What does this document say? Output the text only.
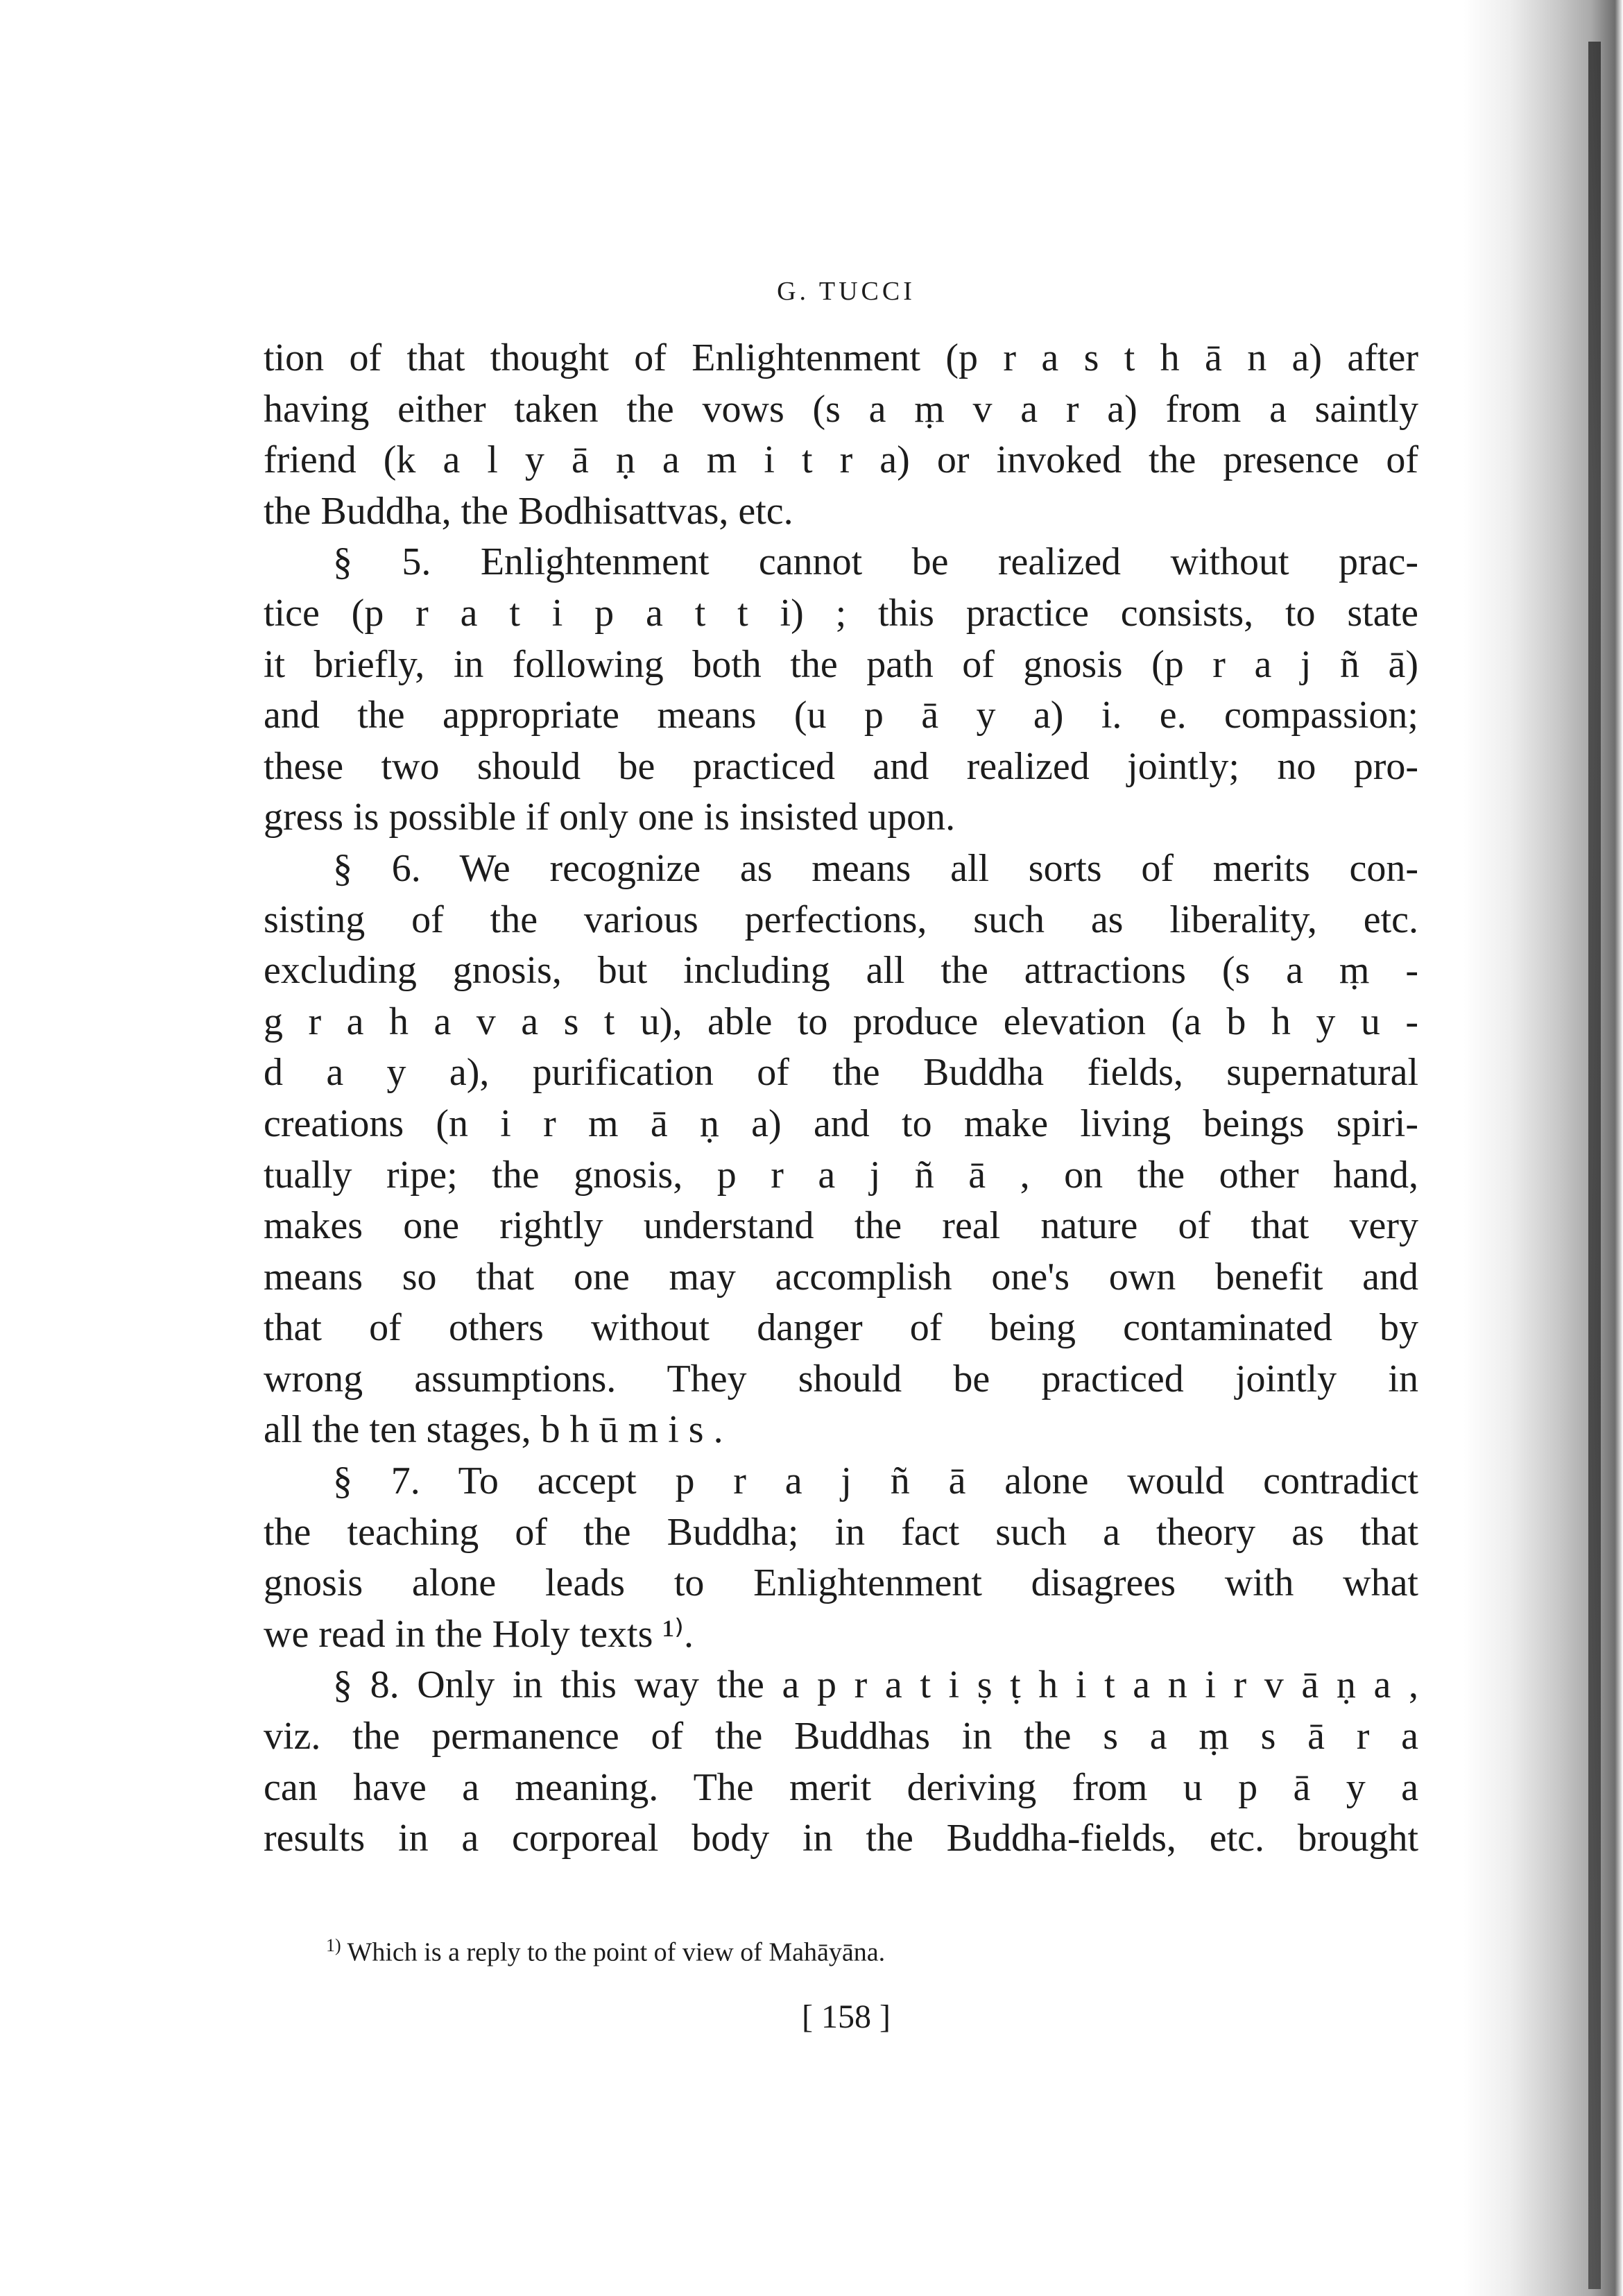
G. TUCCI
tion of that thought of Enlightenment (p r a s t h ā n a) after
having either taken the vows (s a ṃ v a r a) from a saintly
friend (k a l y ā ṇ a m i t r a) or invoked the presence of
the Buddha, the Bodhisattvas, etc.
§ 5. Enlightenment cannot be realized without prac-
tice (p r a t i p a t t i) ; this practice consists, to state
it briefly, in following both the path of gnosis (p r a j ñ ā)
and the appropriate means (u p ā y a) i. e. compassion;
these two should be practiced and realized jointly; no pro-
gress is possible if only one is insisted upon.
§ 6. We recognize as means all sorts of merits con-
sisting of the various perfections, such as liberality, etc.
excluding gnosis, but including all the attractions (s a ṃ -
g r a h a v a s t u), able to produce elevation (a b h y u -
d a y a), purification of the Buddha fields, supernatural
creations (n i r m ā ṇ a) and to make living beings spiri-
tually ripe; the gnosis, p r a j ñ ā , on the other hand,
makes one rightly understand the real nature of that very
means so that one may accomplish one's own benefit and
that of others without danger of being contaminated by
wrong assumptions. They should be practiced jointly in
all the ten stages, b h ū m i s .
§ 7. To accept p r a j ñ ā alone would contradict
the teaching of the Buddha; in fact such a theory as that
gnosis alone leads to Enlightenment disagrees with what
we read in the Holy texts ¹⁾.
§ 8. Only in this way the a p r a t i ṣ ṭ h i t a n i r v ā ṇ a ,
viz. the permanence of the Buddhas in the s a ṃ s ā r a
can have a meaning. The merit deriving from u p ā y a
results in a corporeal body in the Buddha-fields, etc. brought
$^{1)}$ Which is a reply to the point of view of Mahāyāna.
[ 158 ]
